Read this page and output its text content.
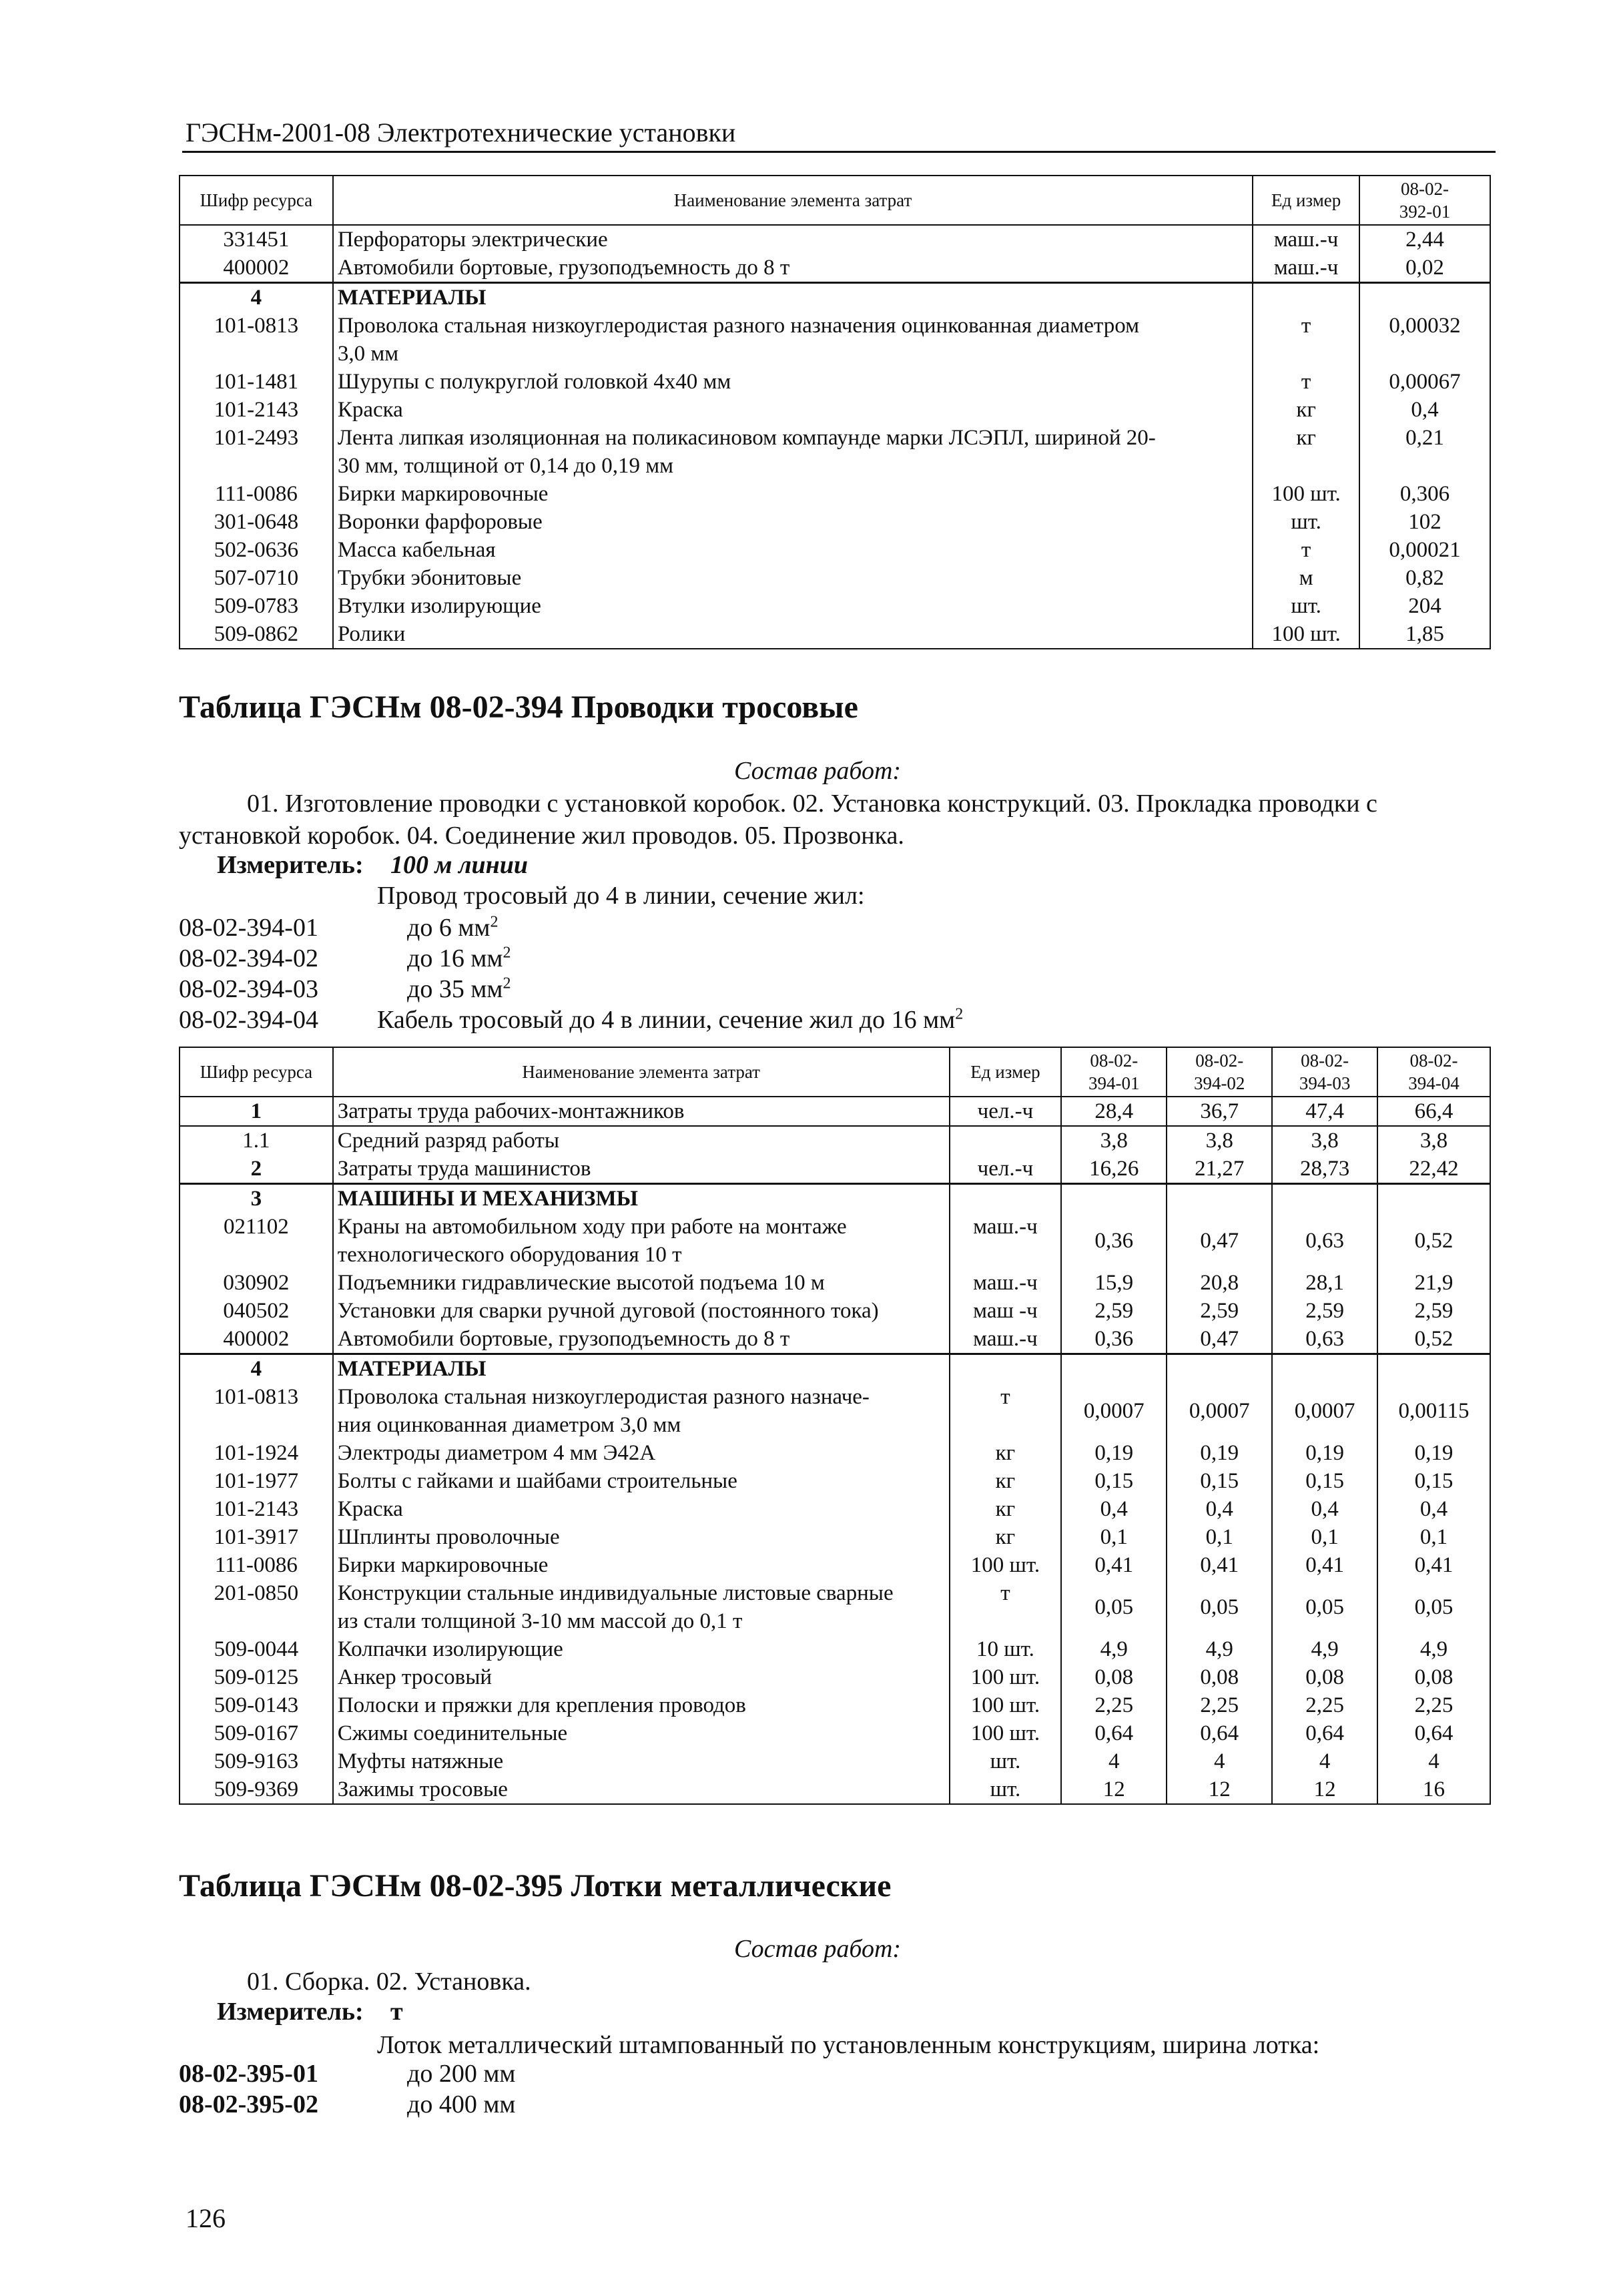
ГЭСНм-2001-08 Электротехнические установки
Шифр ресурса	Наименование элемента затрат	Ед измер	08-02-
392-01
331451	Перфораторы электрические	маш.-ч	2,44
400002	Автомобили бортовые, грузоподъемность до 8 т	маш.-ч	0,02
4	МАТЕРИАЛЫ		
101-0813	Проволока стальная низкоуглеродистая разного назначения оцинкованная диаметром
3,0 мм	т	0,00032
101-1481	Шурупы с полукруглой головкой 4х40 мм	т	0,00067
101-2143	Краска	кг	0,4
101-2493	Лента липкая изоляционная на поликасиновом компаунде марки ЛСЭПЛ, шириной 20-
30 мм, толщиной от 0,14 до 0,19 мм	кг	0,21
111-0086	Бирки маркировочные	100 шт.	0,306
301-0648	Воронки фарфоровые	шт.	102
502-0636	Масса кабельная	т	0,00021
507-0710	Трубки эбонитовые	м	0,82
509-0783	Втулки изолирующие	шт.	204
509-0862	Ролики	100 шт.	1,85
Таблица ГЭСНм 08-02-394 Проводки тросовые
Состав работ:
01. Изготовление проводки с установкой коробок. 02. Установка конструкций. 03. Прокладка проводки с
установкой коробок. 04. Соединение жил проводов. 05. Прозвонка.
Измеритель: 100 м линии
Провод тросовый до 4 в линии, сечение жил:
08-02-394-01	до 6 $мм^2$
08-02-394-02	до 16 $мм^2$
08-02-394-03	до 35 $мм^2$
08-02-394-04 Кабель тросовый до 4 в линии, сечение жил до 16 $мм^2$
Шифр ресурса	Наименование элемента затрат	Ед измер	08-02-
394-01	08-02-
394-02	08-02-
394-03	08-02-
394-04
1	Затраты труда рабочих-монтажников	чел.-ч	28,4	36,7	47,4	66,4
1.1	Средний разряд работы		3,8	3,8	3,8	3,8
2	Затраты труда машинистов	чел.-ч	16,26	21,27	28,73	22,42
3	МАШИНЫ И МЕХАНИЗМЫ					
021102	Краны на автомобильном ходу при работе на монтаже
технологического оборудования 10 т	маш.-ч	0,36	0,47	0,63	0,52
030902	Подъемники гидравлические высотой подъема 10 м	маш.-ч	15,9	20,8	28,1	21,9
040502	Установки для сварки ручной дуговой (постоянного тока)	маш -ч	2,59	2,59	2,59	2,59
400002	Автомобили бортовые, грузоподъемность до 8 т	маш.-ч	0,36	0,47	0,63	0,52
4	МАТЕРИАЛЫ					
101-0813	Проволока стальная низкоуглеродистая разного назначе-
ния оцинкованная диаметром 3,0 мм	т	0,0007	0,0007	0,0007	0,00115
101-1924	Электроды диаметром 4 мм Э42А	кг	0,19	0,19	0,19	0,19
101-1977	Болты с гайками и шайбами строительные	кг	0,15	0,15	0,15	0,15
101-2143	Краска	кг	0,4	0,4	0,4	0,4
101-3917	Шплинты проволочные	кг	0,1	0,1	0,1	0,1
111-0086	Бирки маркировочные	100 шт.	0,41	0,41	0,41	0,41
201-0850	Конструкции стальные индивидуальные листовые сварные
из стали толщиной 3-10 мм массой до 0,1 т	т	0,05	0,05	0,05	0,05
509-0044	Колпачки изолирующие	10 шт.	4,9	4,9	4,9	4,9
509-0125	Анкер тросовый	100 шт.	0,08	0,08	0,08	0,08
509-0143	Полоски и пряжки для крепления проводов	100 шт.	2,25	2,25	2,25	2,25
509-0167	Сжимы соединительные	100 шт.	0,64	0,64	0,64	0,64
509-9163	Муфты натяжные	шт.	4	4	4	4
509-9369	Зажимы тросовые	шт.	12	12	12	16
Таблица ГЭСНм 08-02-395 Лотки металлические
Состав работ:
01. Сборка. 02. Установка.
Измеритель: т
Лоток металлический штампованный по установленным конструкциям, ширина лотка:
08-02-395-01	до 200 мм
08-02-395-02	до 400 мм
126
